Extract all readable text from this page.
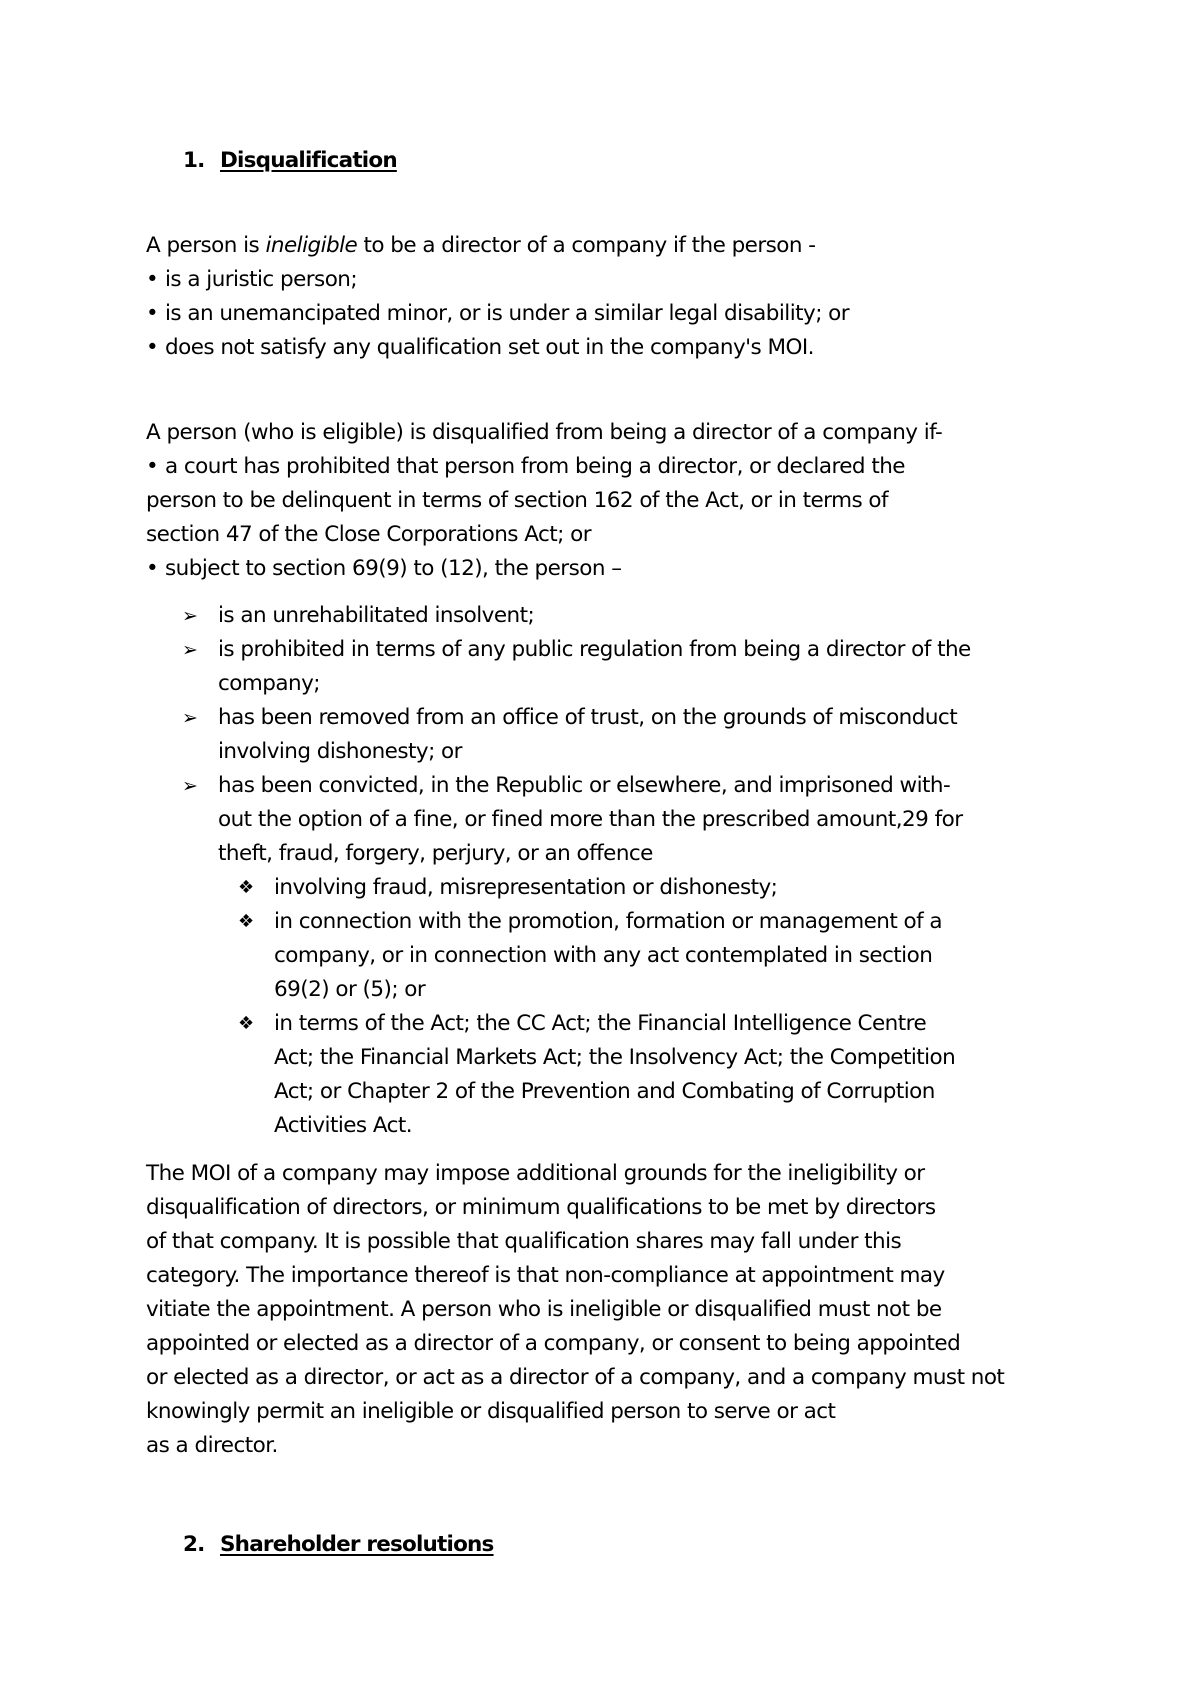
1. Disqualification
A person is ineligible to be a director of a company if the person -
• is a juristic person;
• is an unemancipated minor, or is under a similar legal disability; or
• does not satisfy any qualification set out in the company's MOI.
A person (who is eligible) is disqualified from being a director of a company if-
• a court has prohibited that person from being a director, or declared the
person to be delinquent in terms of section 162 of the Act, or in terms of
section 47 of the Close Corporations Act; or
• subject to section 69(9) to (12), the person –
➢ is an unrehabilitated insolvent;
➢ is prohibited in terms of any public regulation from being a director of the
company;
➢ has been removed from an office of trust, on the grounds of misconduct
involving dishonesty; or
➢ has been convicted, in the Republic or elsewhere, and imprisoned with-
out the option of a fine, or fined more than the prescribed amount,29 for
theft, fraud, forgery, perjury, or an offence
❖ involving fraud, misrepresentation or dishonesty;
❖ in connection with the promotion, formation or management of a
company, or in connection with any act contemplated in section
69(2) or (5); or
❖ in terms of the Act; the CC Act; the Financial Intelligence Centre
Act; the Financial Markets Act; the Insolvency Act; the Competition
Act; or Chapter 2 of the Prevention and Combating of Corruption
Activities Act.
The MOI of a company may impose additional grounds for the ineligibility or
disqualification of directors, or minimum qualifications to be met by directors
of that company. It is possible that qualification shares may fall under this
category. The importance thereof is that non-compliance at appointment may
vitiate the appointment. A person who is ineligible or disqualified must not be
appointed or elected as a director of a company, or consent to being appointed
or elected as a director, or act as a director of a company, and a company must not
knowingly permit an ineligible or disqualified person to serve or act
as a director.
2. Shareholder resolutions
